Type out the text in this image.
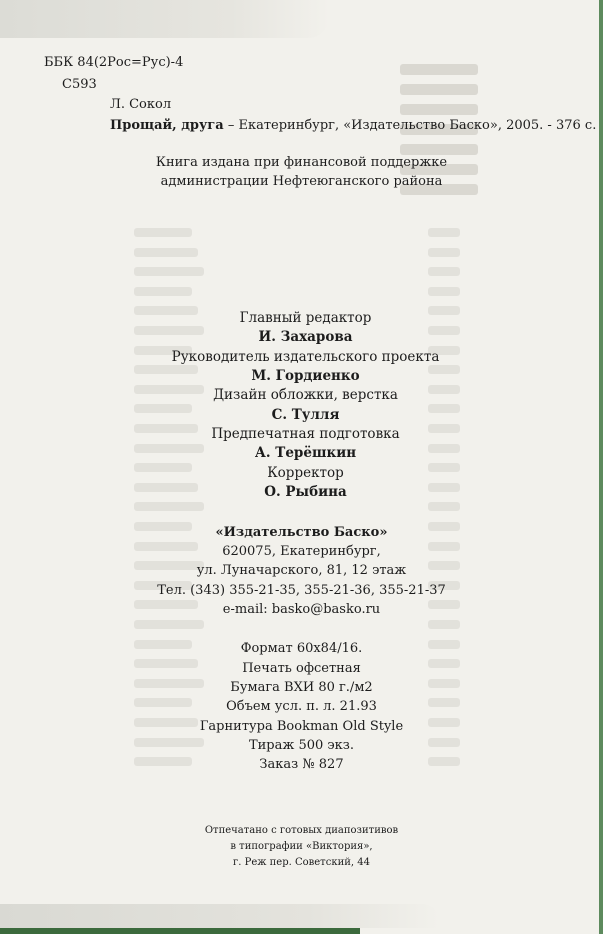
ББК 84(2Рос=Рус)-4
С593
Л. Сокол
Прощай, друга – Екатеринбург, «Издательство Баско», 2005. - 376 с.
Книга издана при финансовой поддержке
администрации Нефтеюганского района
Главный редактор
И. Захарова
Руководитель издательского проекта
М. Гордиенко
Дизайн обложки, верстка
С. Тулля
Предпечатная подготовка
А. Терёшкин
Корректор
О. Рыбина
«Издательство Баско»
620075, Екатеринбург,
ул. Луначарского, 81, 12 этаж
Тел. (343) 355-21-35, 355-21-36, 355-21-37
e-mail: basko@basko.ru
Формат 60x84/16.
Печать офсетная
Бумага ВХИ 80 г./м2
Объем усл. п. л. 21.93
Гарнитура Bookman Old Style
Тираж 500 экз.
Заказ № 827
Отпечатано с готовых диапозитивов
в типографии «Виктория»,
г. Реж пер. Советский, 44
